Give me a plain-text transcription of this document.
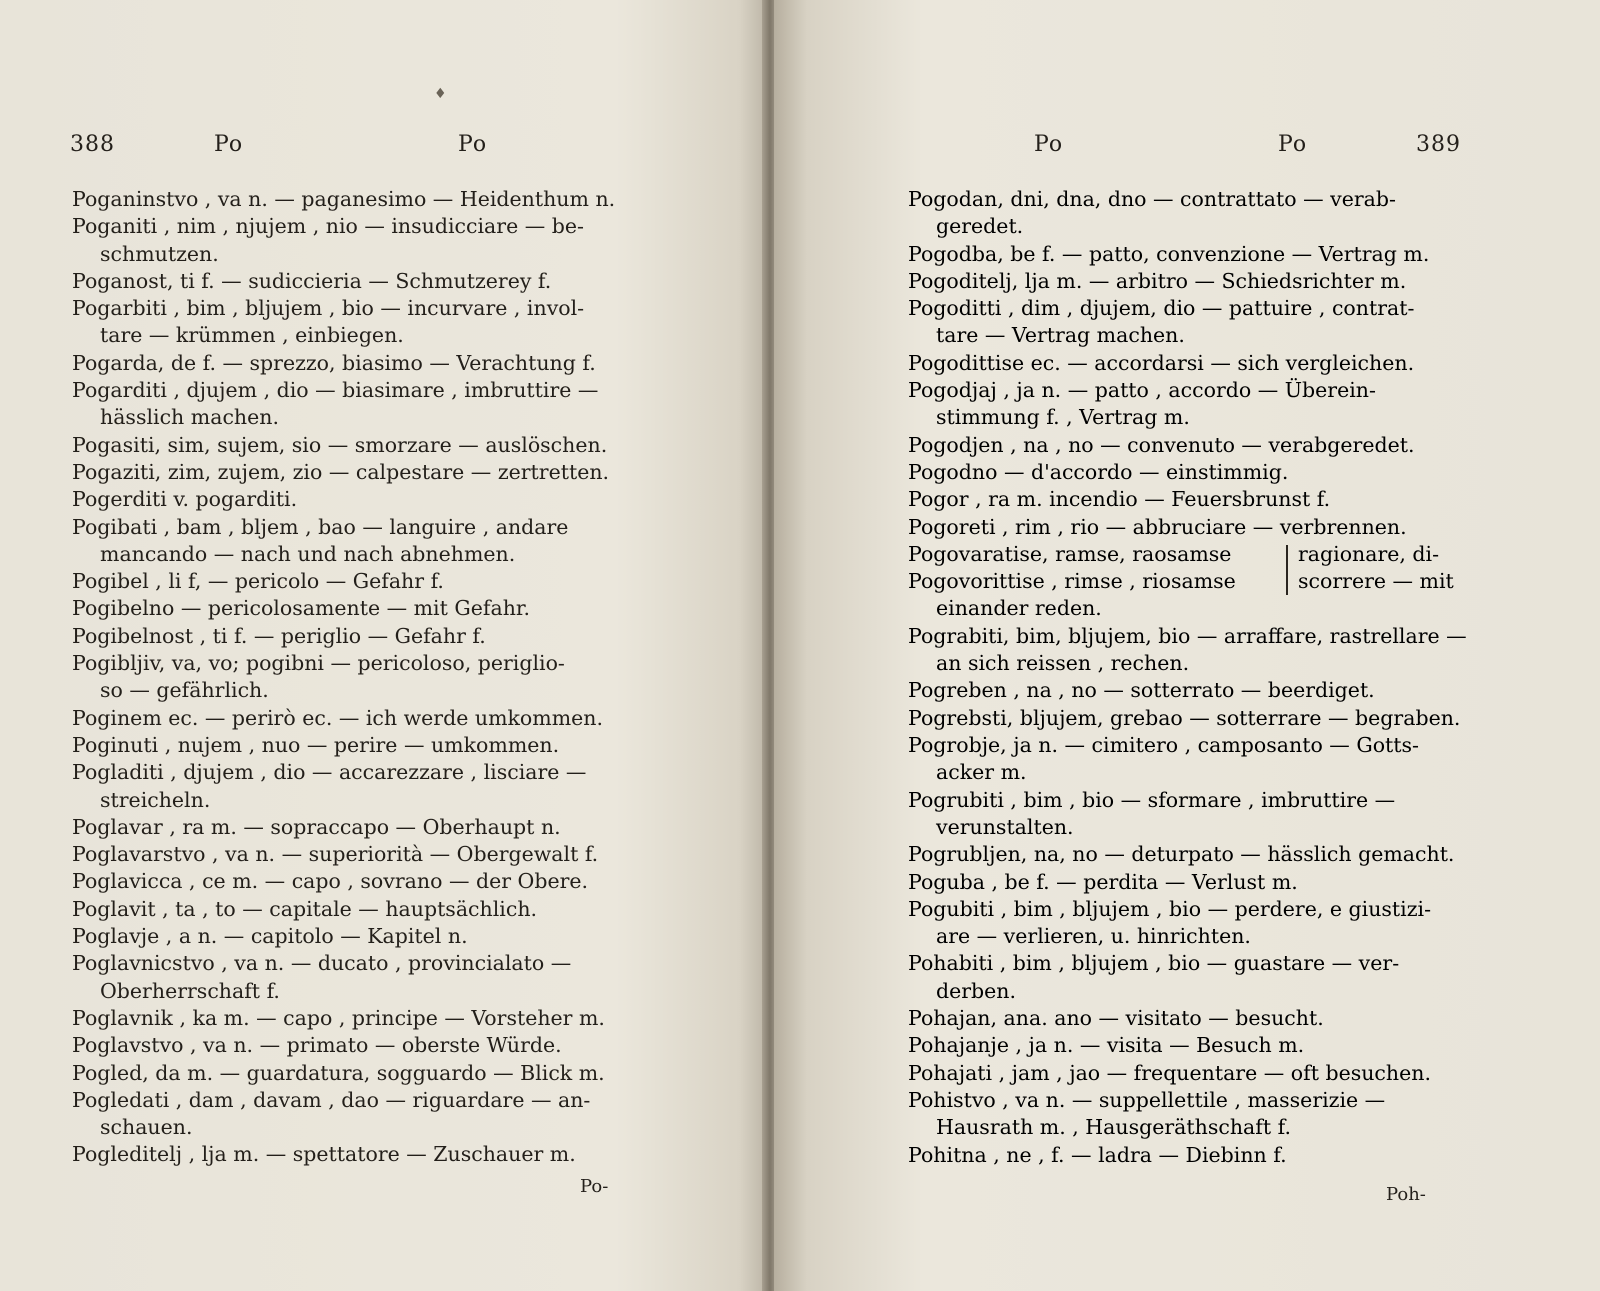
♦
388	Po	Po
Poganinstvo , va n. — paganesimo — Heidenthum n.
Poganiti , nim , njujem , nio — insudicciare — be-
schmutzen.
Poganost, ti f. — sudiccieria — Schmutzerey f.
Pogarbiti , bim , bljujem , bio — incurvare , invol-
tare — krümmen , einbiegen.
Pogarda, de f. — sprezzo, biasimo — Verachtung f.
Pogarditi , djujem , dio — biasimare , imbruttire —
hässlich machen.
Pogasiti, sim, sujem, sio — smorzare — auslöschen.
Pogaziti, zim, zujem, zio — calpestare — zertretten.
Pogerditi v. pogarditi.
Pogibati , bam , bljem , bao — languire , andare
mancando — nach und nach abnehmen.
Pogibel , li f, — pericolo — Gefahr f.
Pogibelno — pericolosamente — mit Gefahr.
Pogibelnost , ti f. — periglio — Gefahr f.
Pogibljiv, va, vo; pogibni — pericoloso, periglio-
so — gefährlich.
Poginem ec. — perirò ec. — ich werde umkommen.
Poginuti , nujem , nuo — perire — umkommen.
Pogladiti , djujem , dio — accarezzare , lisciare —
streicheln.
Poglavar , ra m. — sopraccapo — Oberhaupt n.
Poglavarstvo , va n. — superiorità — Obergewalt f.
Poglavicca , ce m. — capo , sovrano — der Obere.
Poglavit , ta , to — capitale — hauptsächlich.
Poglavje , a n. — capitolo — Kapitel n.
Poglavnicstvo , va n. — ducato , provincialato —
Oberherrschaft f.
Poglavnik , ka m. — capo , principe — Vorsteher m.
Poglavstvo , va n. — primato — oberste Würde.
Pogled, da m. — guardatura, sogguardo — Blick m.
Pogledati , dam , davam , dao — riguardare — an-
schauen.
Pogleditelj , lja m. — spettatore — Zuschauer m.
Po-
Po	Po	389
Poh-
Pogodan, dni, dna, dno — contrattato — verab-
geredet.
Pogodba, be f. — patto, convenzione — Vertrag m.
Pogoditelj, lja m. — arbitro — Schiedsrichter m.
Pogoditti , dim , djujem, dio — pattuire , contrat-
tare — Vertrag machen.
Pogodittise ec. — accordarsi — sich vergleichen.
Pogodjaj , ja n. — patto , accordo — Überein-
stimmung f. , Vertrag m.
Pogodjen , na , no — convenuto — verabgeredet.
Pogodno — d'accordo — einstimmig.
Pogor , ra m. incendio — Feuersbrunst f.
Pogoreti , rim , rio — abbruciare — verbrennen.
Pogovaratise, ramse, raosamse
Pogovorittise , rimse , riosamse
ragionare, di-
scorrere — mit
einander reden.
Pograbiti, bim, bljujem, bio — arraffare, rastrellare —
an sich reissen , rechen.
Pogreben , na , no — sotterrato — beerdiget.
Pogrebsti, bljujem, grebao — sotterrare — begraben.
Pogrobje, ja n. — cimitero , camposanto — Gotts-
acker m.
Pogrubiti , bim , bio — sformare , imbruttire —
verunstalten.
Pogrubljen, na, no — deturpato — hässlich gemacht.
Poguba , be f. — perdita — Verlust m.
Pogubiti , bim , bljujem , bio — perdere, e giustizi-
are — verlieren, u. hinrichten.
Pohabiti , bim , bljujem , bio — guastare — ver-
derben.
Pohajan, ana. ano — visitato — besucht.
Pohajanje , ja n. — visita — Besuch m.
Pohajati , jam , jao — frequentare — oft besuchen.
Pohistvo , va n. — suppellettile , masserizie —
Hausrath m. , Hausgeräthschaft f.
Pohitna , ne , f. — ladra — Diebinn f.
